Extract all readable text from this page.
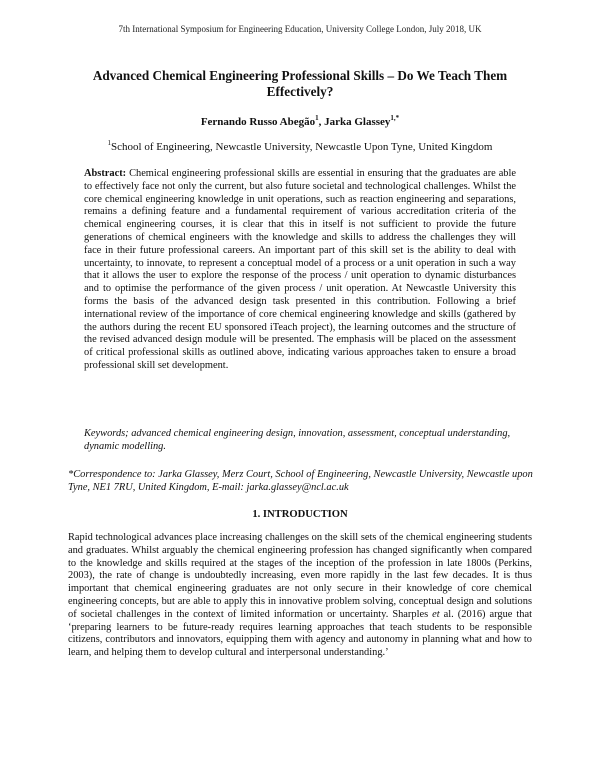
7th International Symposium for Engineering Education, University College London, July 2018, UK
Advanced Chemical Engineering Professional Skills – Do We Teach Them Effectively?
Fernando Russo Abegão$^1$, Jarka Glassey$^{1,*}$
$^1$School of Engineering, Newcastle University, Newcastle Upon Tyne, United Kingdom
Abstract: Chemical engineering professional skills are essential in ensuring that the graduates are able to effectively face not only the current, but also future societal and technological challenges. Whilst the core chemical engineering knowledge in unit operations, such as reaction engineering and separations, remains a defining feature and a fundamental requirement of various accreditation criteria of the chemical engineering courses, it is clear that this in itself is not sufficient to provide the future generations of chemical engineers with the knowledge and skills to address the challenges they will face in their future professional careers. An important part of this skill set is the ability to deal with uncertainty, to innovate, to represent a conceptual model of a process or a unit operation in such a way that it allows the user to explore the response of the process / unit operation to dynamic disturbances and to optimise the performance of the given process / unit operation. At Newcastle University this forms the basis of the advanced design task presented in this contribution. Following a brief international review of the importance of core chemical engineering knowledge and skills (gathered by the authors during the recent EU sponsored iTeach project), the learning outcomes and the structure of the revised advanced design module will be presented. The emphasis will be placed on the assessment of critical professional skills as outlined above, indicating various approaches taken to ensure a broad professional skill set development.
Keywords; advanced chemical engineering design, innovation, assessment, conceptual understanding, dynamic modelling.
*Correspondence to: Jarka Glassey, Merz Court, School of Engineering, Newcastle University, Newcastle upon Tyne, NE1 7RU, United Kingdom, E-mail: jarka.glassey@ncl.ac.uk
1. INTRODUCTION
Rapid technological advances place increasing challenges on the skill sets of the chemical engineering students and graduates. Whilst arguably the chemical engineering profession has changed significantly when compared to the knowledge and skills required at the stages of the inception of the profession in late 1800s (Perkins, 2003), the rate of change is undoubtedly increasing, even more rapidly in the last few decades. It is thus important that chemical engineering graduates are not only secure in their knowledge of core chemical engineering concepts, but are able to apply this in innovative problem solving, conceptual design and solutions of societal challenges in the context of limited information or uncertainty. Sharples et al. (2016) argue that ‘preparing learners to be future-ready requires learning approaches that teach students to be responsible citizens, contributors and innovators, equipping them with agency and autonomy in planning what and how to learn, and helping them to develop cultural and interpersonal understanding.’
